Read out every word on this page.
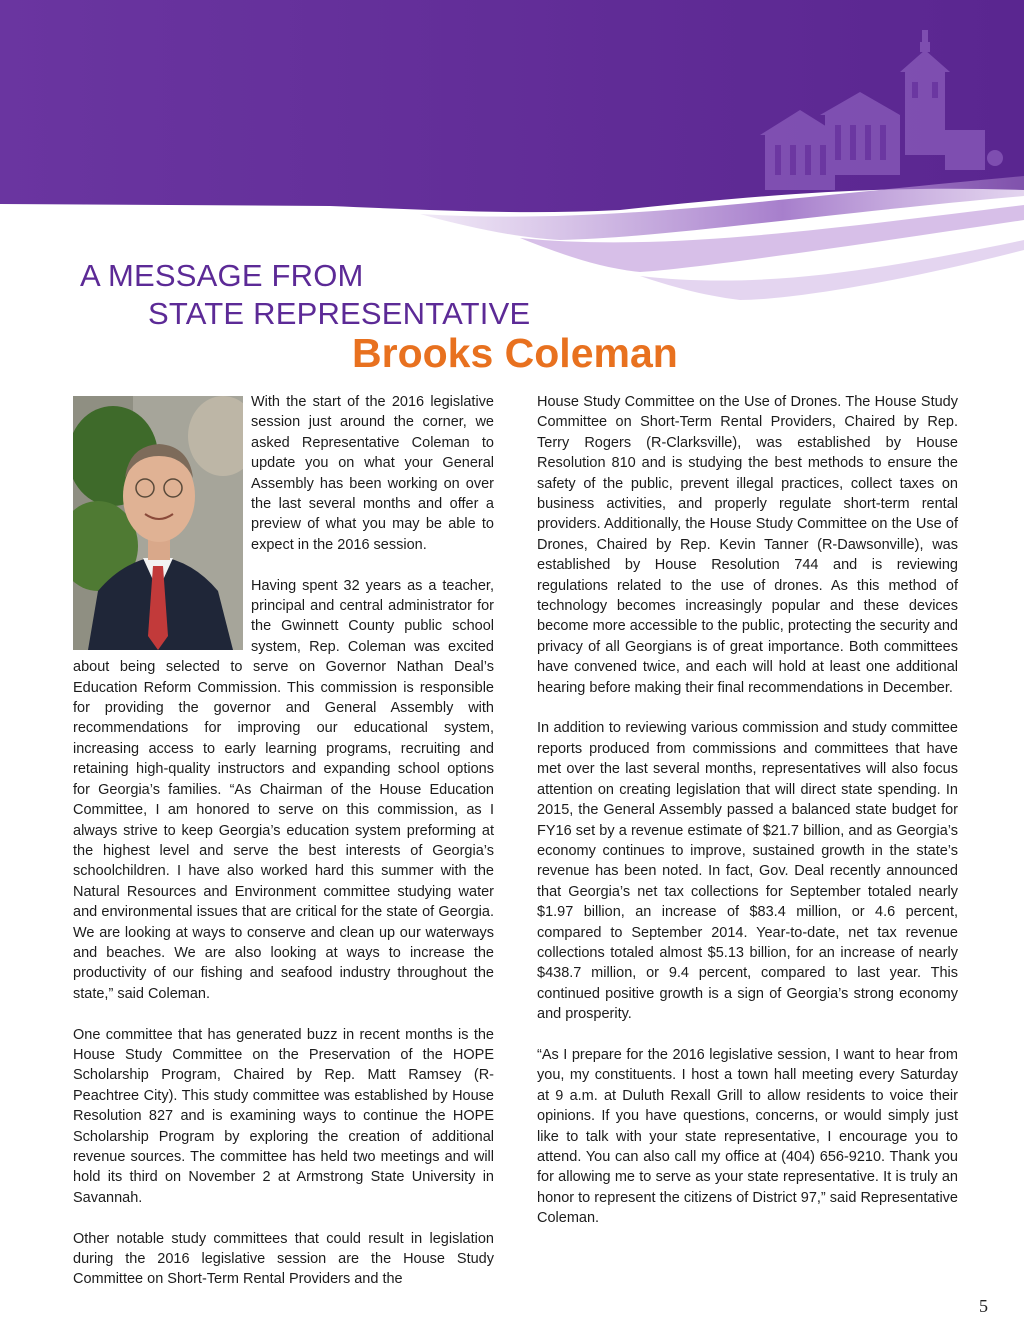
A MESSAGE FROM
STATE REPRESENTATIVE
Brooks Coleman

With the start of the 2016 legislative session just around the corner, we asked Representative Coleman to update you on what your General Assembly has been working on over the last several months and offer a preview of what you may be able to expect in the 2016 session.

Having spent 32 years as a teacher, principal and central administrator for the Gwinnett County public school system, Rep. Coleman was excited about being selected to serve on Governor Nathan Deal’s Education Reform Commission. This commission is responsible for providing the governor and General Assembly with recommendations for improving our educational system, increasing access to early learning programs, recruiting and retaining high-quality instructors and expanding school options for Georgia’s families. “As Chairman of the House Education Committee, I am honored to serve on this commission, as I always strive to keep Georgia’s education system preforming at the highest level and serve the best interests of Georgia’s schoolchildren. I have also worked hard this summer with the Natural Resources and Environment committee studying water and environmental issues that are critical for the state of Georgia. We are looking at ways to conserve and clean up our waterways and beaches. We are also looking at ways to increase the productivity of our fishing and seafood industry throughout the state,” said Coleman.

One committee that has generated buzz in recent months is the House Study Committee on the Preservation of the HOPE Scholarship Program, Chaired by Rep. Matt Ramsey (R-Peachtree City). This study committee was established by House Resolution 827 and is examining ways to continue the HOPE Scholarship Program by exploring the creation of additional revenue sources. The committee has held two meetings and will hold its third on November 2 at Armstrong State University in Savannah.

Other notable study committees that could result in legislation during the 2016 legislative session are the House Study Committee on Short-Term Rental Providers and the

House Study Committee on the Use of Drones. The House Study Committee on Short-Term Rental Providers, Chaired by Rep. Terry Rogers (R-Clarksville), was established by House Resolution 810 and is studying the best methods to ensure the safety of the public, prevent illegal practices, collect taxes on business activities, and properly regulate short-term rental providers. Additionally, the House Study Committee on the Use of Drones, Chaired by Rep. Kevin Tanner (R-Dawsonville), was established by House Resolution 744 and is reviewing regulations related to the use of drones. As this method of technology becomes increasingly popular and these devices become more accessible to the public, protecting the security and privacy of all Georgians is of great importance. Both committees have convened twice, and each will hold at least one additional hearing before making their final recommendations in December.

In addition to reviewing various commission and study committee reports produced from commissions and committees that have met over the last several months, representatives will also focus attention on creating legislation that will direct state spending. In 2015, the General Assembly passed a balanced state budget for FY16 set by a revenue estimate of $21.7 billion, and as Georgia’s economy continues to improve, sustained growth in the state’s revenue has been noted. In fact, Gov. Deal recently announced that Georgia’s net tax collections for September totaled nearly $1.97 billion, an increase of $83.4 million, or 4.6 percent, compared to September 2014. Year-to-date, net tax revenue collections totaled almost $5.13 billion, for an increase of nearly $438.7 million, or 9.4 percent, compared to last year. This continued positive growth is a sign of Georgia’s strong economy and prosperity.

“As I prepare for the 2016 legislative session, I want to hear from you, my constituents. I host a town hall meeting every Saturday at 9 a.m. at Duluth Rexall Grill to allow residents to voice their opinions. If you have questions, concerns, or would simply just like to talk with your state representative, I encourage you to attend. You can also call my office at (404) 656-9210. Thank you for allowing me to serve as your state representative. It is truly an honor to represent the citizens of District 97,” said Representative Coleman.

5
